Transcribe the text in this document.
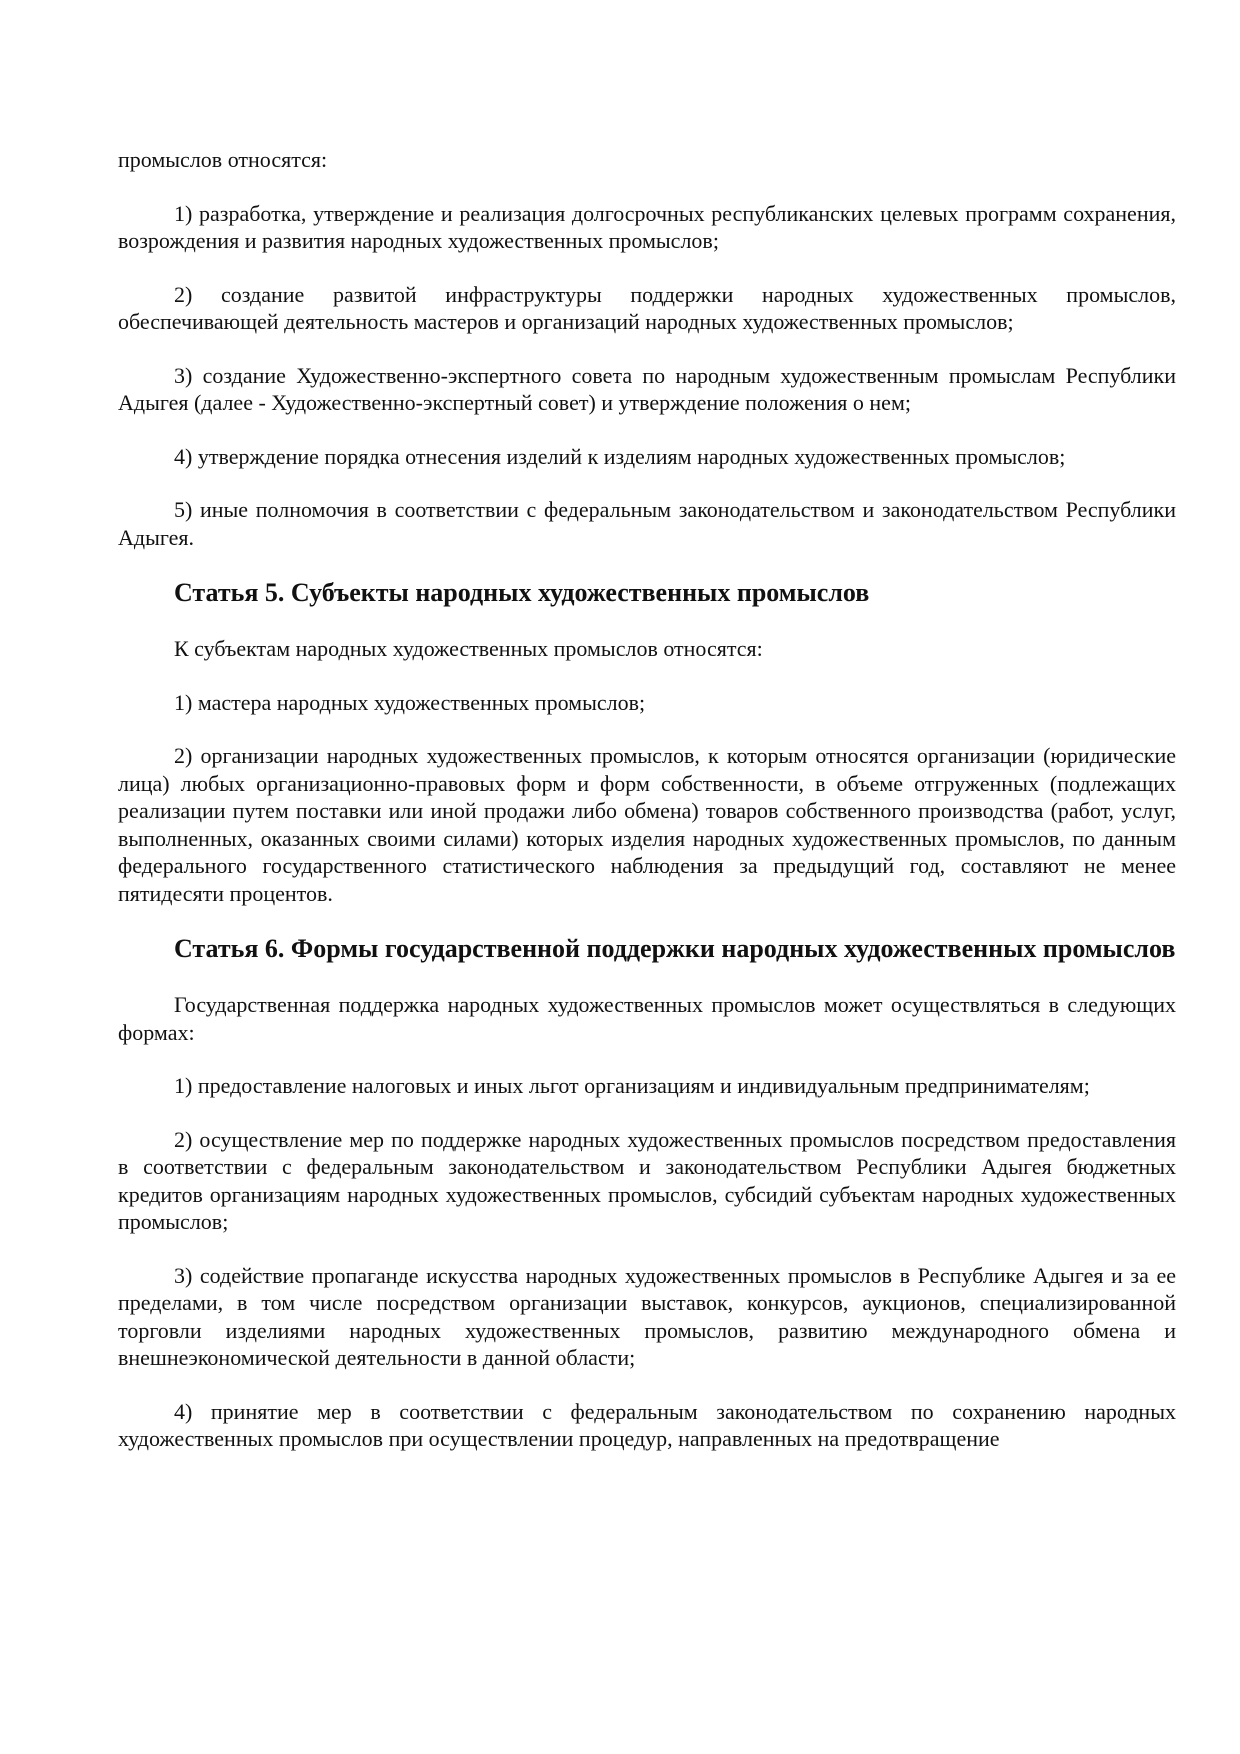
промыслов относятся:

1) разработка, утверждение и реализация долгосрочных республиканских целевых программ сохранения, возрождения и развития народных художественных промыслов;

2) создание развитой инфраструктуры поддержки народных художественных промыслов, обеспечивающей деятельность мастеров и организаций народных художественных промыслов;

3) создание Художественно-экспертного совета по народным художественным промыслам Республики Адыгея (далее - Художественно-экспертный совет) и утверждение положения о нем;

4) утверждение порядка отнесения изделий к изделиям народных художественных промыслов;

5) иные полномочия в соответствии с федеральным законодательством и законодательством Республики Адыгея.

Статья 5. Субъекты народных художественных промыслов

К субъектам народных художественных промыслов относятся:

1) мастера народных художественных промыслов;

2) организации народных художественных промыслов, к которым относятся организации (юридические лица) любых организационно-правовых форм и форм собственности, в объеме отгруженных (подлежащих реализации путем поставки или иной продажи либо обмена) товаров собственного производства (работ, услуг, выполненных, оказанных своими силами) которых изделия народных художественных промыслов, по данным федерального государственного статистического наблюдения за предыдущий год, составляют не менее пятидесяти процентов.

Статья 6. Формы государственной поддержки народных художественных промыслов

Государственная поддержка народных художественных промыслов может осуществляться в следующих формах:

1) предоставление налоговых и иных льгот организациям и индивидуальным предпринимателям;

2) осуществление мер по поддержке народных художественных промыслов посредством предоставления в соответствии с федеральным законодательством и законодательством Республики Адыгея бюджетных кредитов организациям народных художественных промыслов, субсидий субъектам народных художественных промыслов;

3) содействие пропаганде искусства народных художественных промыслов в Республике Адыгея и за ее пределами, в том числе посредством организации выставок, конкурсов, аукционов, специализированной торговли изделиями народных художественных промыслов, развитию международного обмена и внешнеэкономической деятельности в данной области;

4) принятие мер в соответствии с федеральным законодательством по сохранению народных художественных промыслов при осуществлении процедур, направленных на предотвращение
